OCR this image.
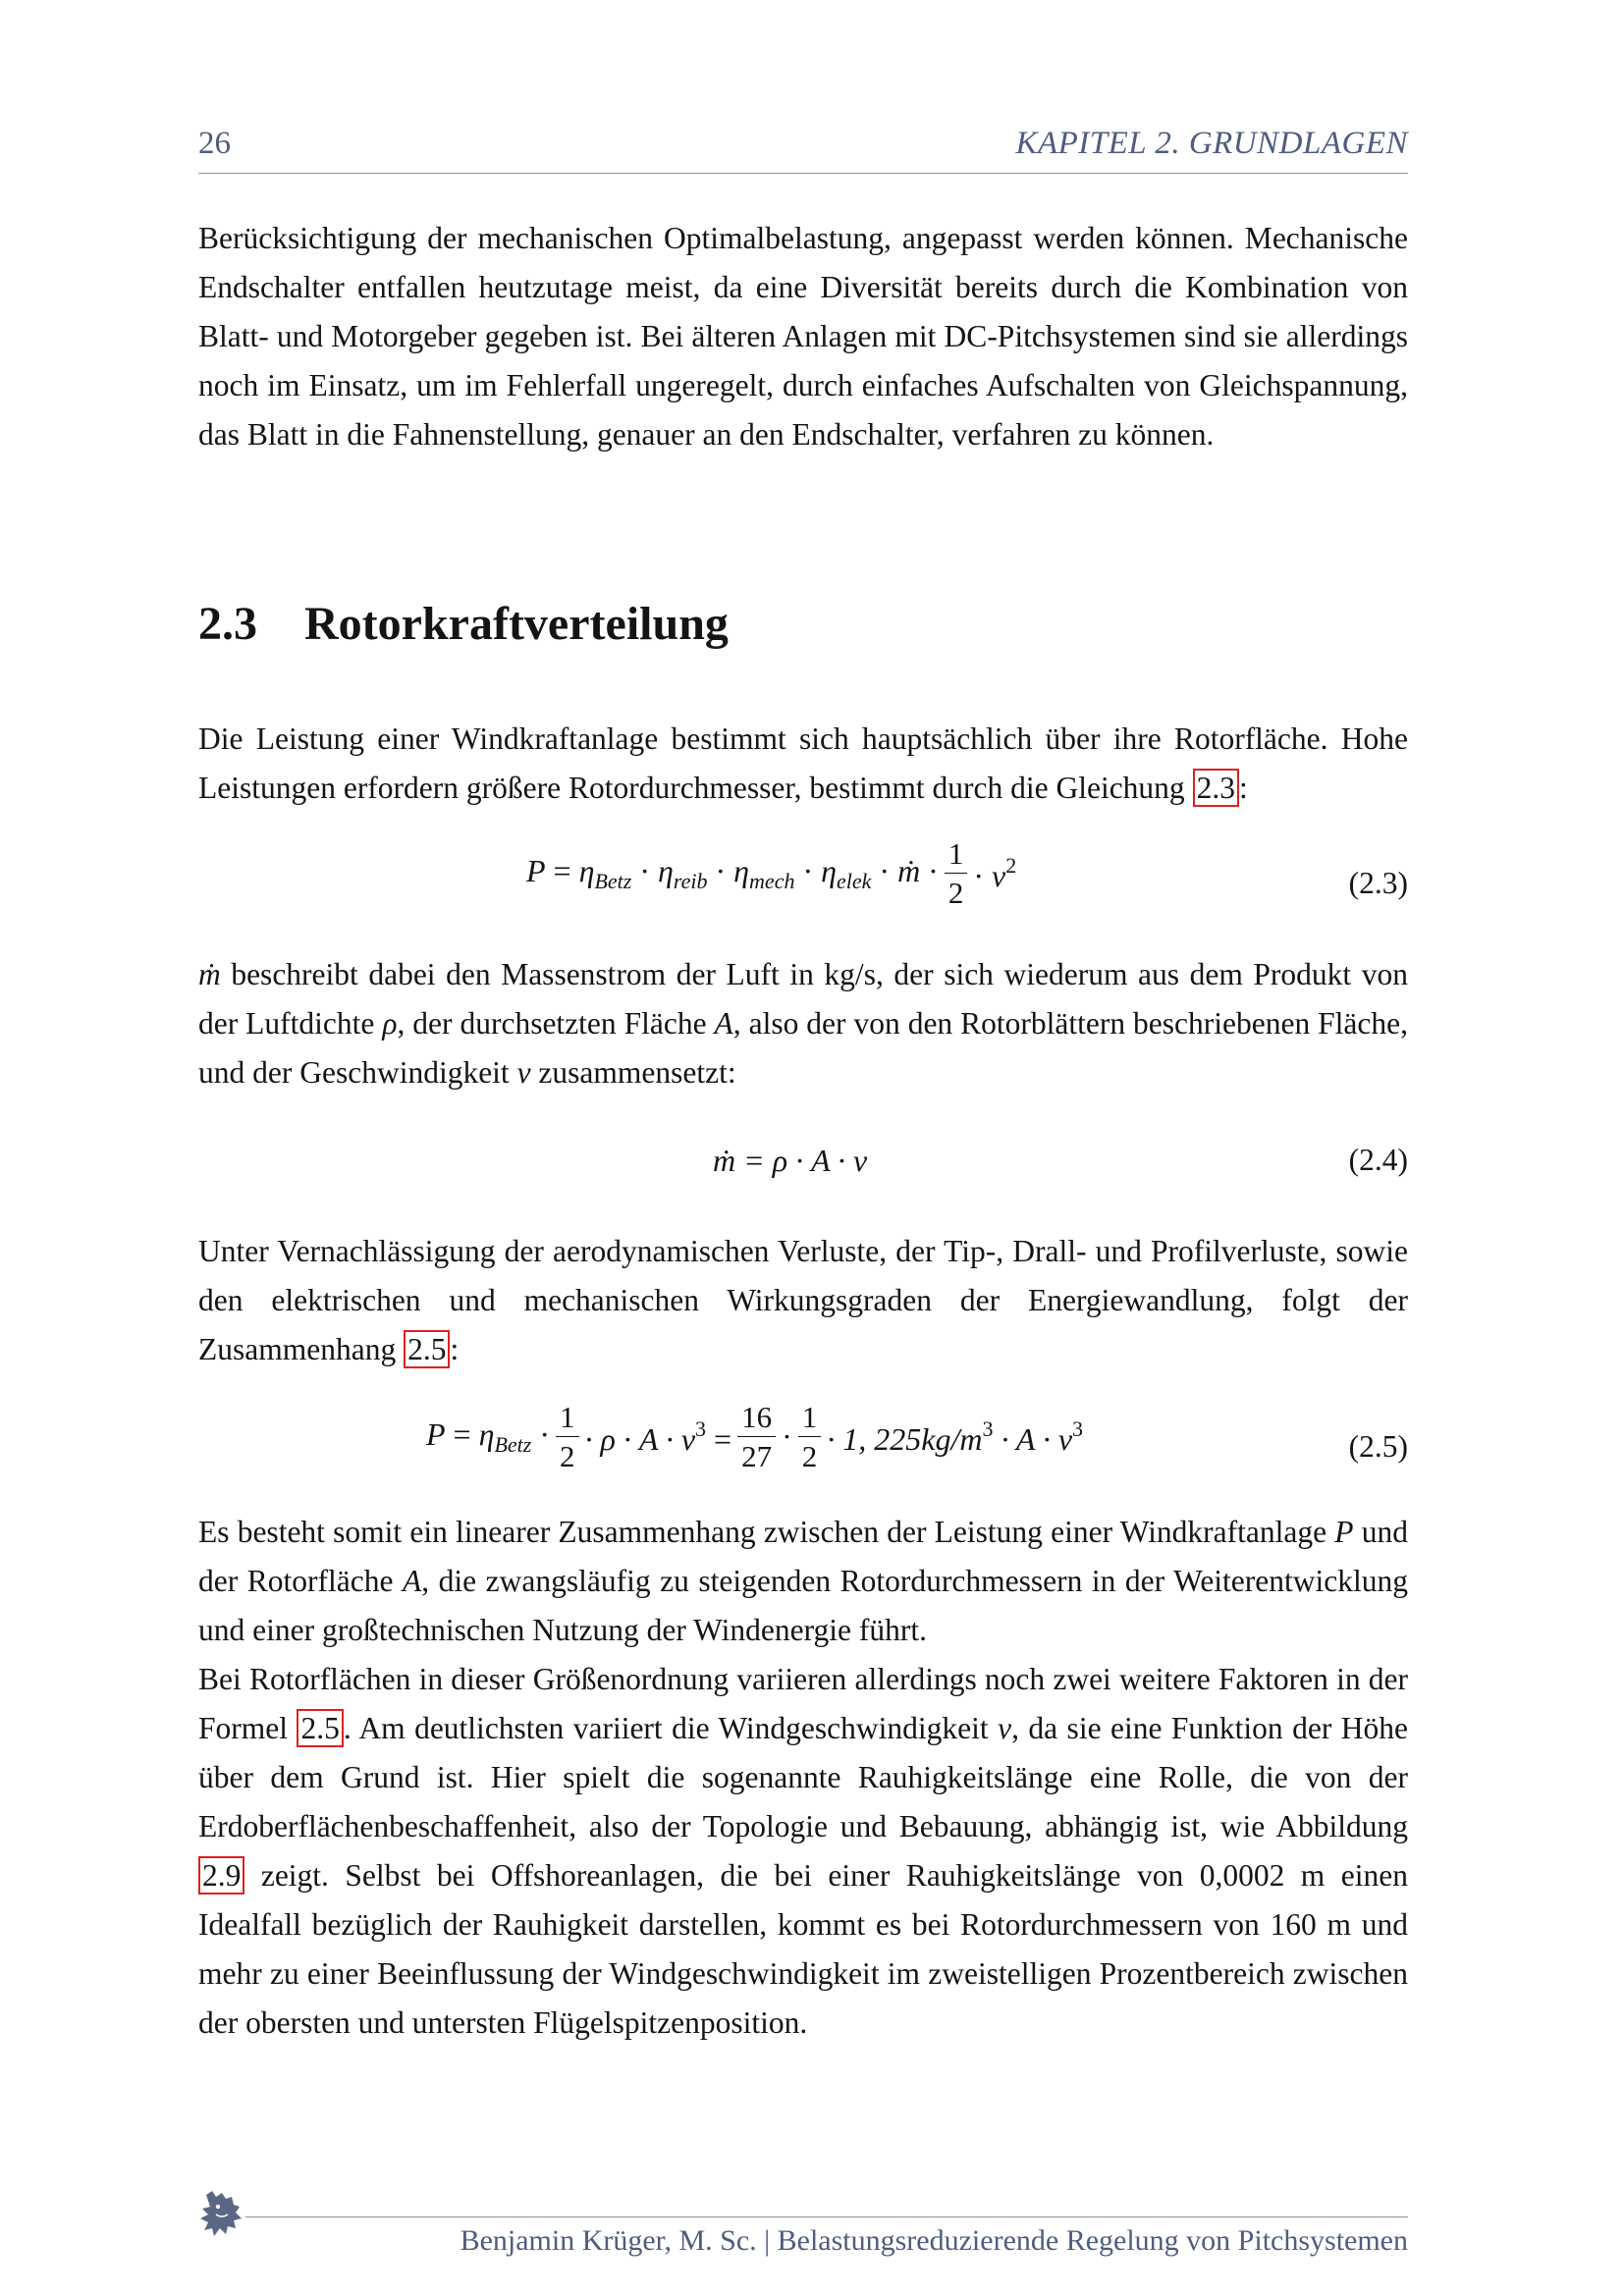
26	KAPITEL 2. GRUNDLAGEN

Berücksichtigung der mechanischen Optimalbelastung, angepasst werden können. Mechanische Endschalter entfallen heutzutage meist, da eine Diversität bereits durch die Kombination von Blatt- und Motorgeber gegeben ist. Bei älteren Anlagen mit DC-Pitchsystemen sind sie allerdings noch im Einsatz, um im Fehlerfall ungeregelt, durch einfaches Aufschalten von Gleichspannung, das Blatt in die Fahnenstellung, genauer an den Endschalter, verfahren zu können.

2.3 Rotorkraftverteilung

Die Leistung einer Windkraftanlage bestimmt sich hauptsächlich über ihre Rotorfläche. Hohe Leistungen erfordern größere Rotordurchmesser, bestimmt durch die Gleichung 2.3 :

$P = \eta_{Betz} \cdot \eta_{reib} \cdot \eta_{mech} \cdot \eta_{elek}$ · ṁ · $\frac{1}{2} \cdot v^2$
(2.3)

ṁ beschreibt dabei den Massenstrom der Luft in kg/s, der sich wiederum aus dem Produkt von der Luftdichte ρ, der durchsetzten Fläche A, also der von den Rotorblättern beschriebenen Fläche, und der Geschwindigkeit v zusammensetzt:

ṁ = ρ · A · v	(2.4)

Unter Vernachlässigung der aerodynamischen Verluste, der Tip-, Drall- und Profilverluste, sowie den elektrischen und mechanischen Wirkungsgraden der Energiewandlung, folgt der Zusammenhang 2.5 :

$P = \eta_{Betz} \cdot \frac{1}{2} \cdot \rho \cdot A \cdot v^3 = \frac{16}{27} \cdot \frac{1}{2} \cdot 1$, $225kg/m^3 \cdot A \cdot v^3$
(2.5)

Es besteht somit ein linearer Zusammenhang zwischen der Leistung einer Windkraftanlage P und der Rotorfläche A, die zwangsläufig zu steigenden Rotordurchmessern in der Weiterentwicklung und einer großtechnischen Nutzung der Windenergie führt.

Bei Rotorflächen in dieser Größenordnung variieren allerdings noch zwei weitere Faktoren in der Formel 2.5 . Am deutlichsten variiert die Windgeschwindigkeit v, da sie eine Funktion der Höhe über dem Grund ist. Hier spielt die sogenannte Rauhigkeitslänge eine Rolle, die von der Erdoberflächenbeschaffenheit, also der Topologie und Bebauung, abhängig ist, wie Abbildung 2.9 zeigt. Selbst bei Offshoreanlagen, die bei einer Rauhigkeitslänge von 0,0002 m einen Idealfall bezüglich der Rauhigkeit darstellen, kommt es bei Rotordurchmessern von 160 m und mehr zu einer Beeinflussung der Windgeschwindigkeit im zweistelligen Prozentbereich zwischen der obersten und untersten Flügelspitzenposition.

Benjamin Krüger, M. Sc. | Belastungsreduzierende Regelung von Pitchsystemen
